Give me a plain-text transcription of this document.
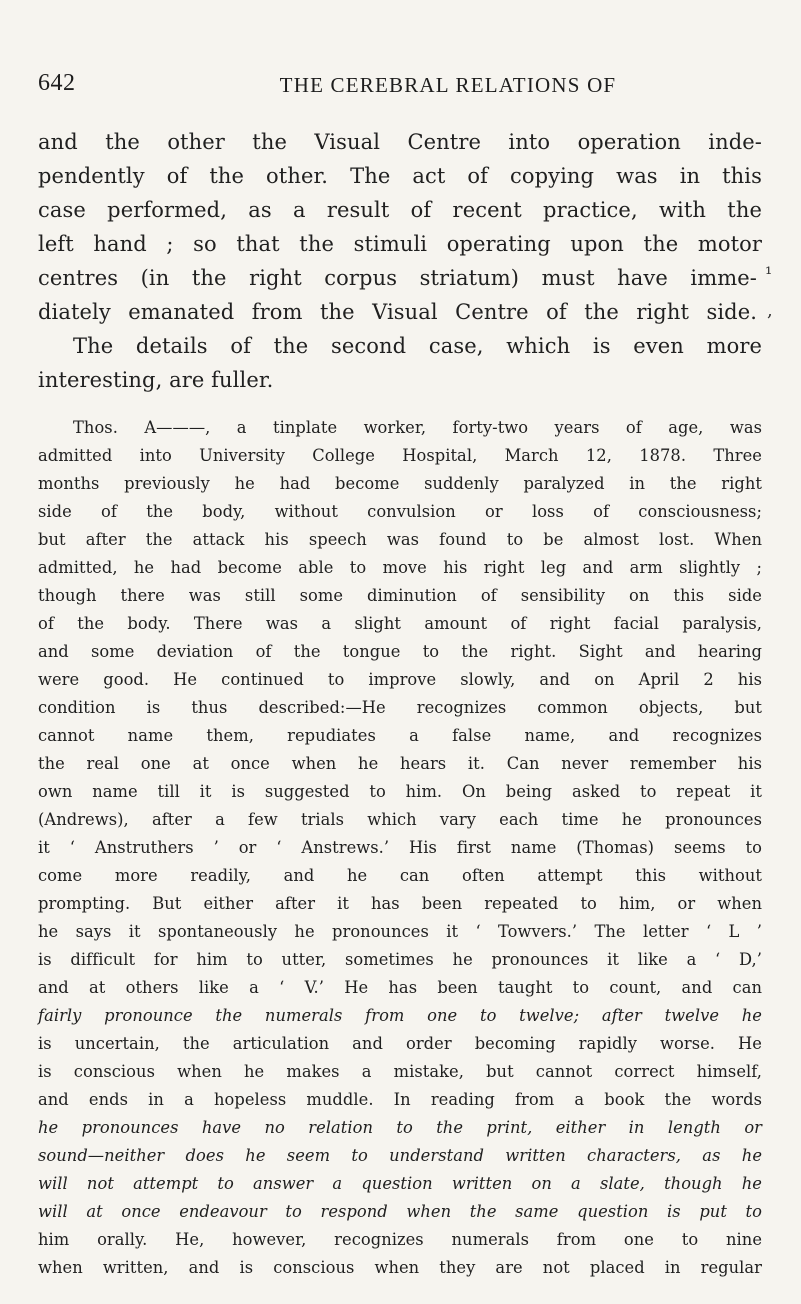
642	THE CEREBRAL RELATIONS OF
and the other the Visual Centre into operation inde-
pendently of the other. The act of copying was in this
case performed, as a result of recent practice, with the
left hand ; so that the stimuli operating upon the motor
centres (in the right corpus striatum) must have imme-
diately emanated from the Visual Centre of the right side.
The details of the second case, which is even more
interesting, are fuller.
¹
,
Thos. A———, a tinplate worker, forty-two years of age, was
admitted into University College Hospital, March 12, 1878. Three
months previously he had become suddenly paralyzed in the right
side of the body, without convulsion or loss of consciousness;
but after the attack his speech was found to be almost lost. When
admitted, he had become able to move his right leg and arm slightly ;
though there was still some diminution of sensibility on this side
of the body. There was a slight amount of right facial paralysis,
and some deviation of the tongue to the right. Sight and hearing
were good. He continued to improve slowly, and on April 2 his
condition is thus described:—He recognizes common objects, but
cannot name them, repudiates a false name, and recognizes
the real one at once when he hears it. Can never remember his
own name till it is suggested to him. On being asked to repeat it
(Andrews), after a few trials which vary each time he pronounces
it ‘ Anstruthers ’ or ‘ Anstrews.’ His first name (Thomas) seems to
come more readily, and he can often attempt this without
prompting. But either after it has been repeated to him, or when
he says it spontaneously he pronounces it ‘ Towvers.’ The letter ‘ L ’
is difficult for him to utter, sometimes he pronounces it like a ‘ D,’
and at others like a ‘ V.’ He has been taught to count, and can
fairly pronounce the numerals from one to twelve; after twelve he
is uncertain, the articulation and order becoming rapidly worse. He
is conscious when he makes a mistake, but cannot correct himself,
and ends in a hopeless muddle. In reading from a book the words
he pronounces have no relation to the print, either in length or
sound—neither does he seem to understand written characters, as he
will not attempt to answer a question written on a slate, though he
will at once endeavour to respond when the same question is put to
him orally. He, however, recognizes numerals from one to nine
when written, and is conscious when they are not placed in regular
